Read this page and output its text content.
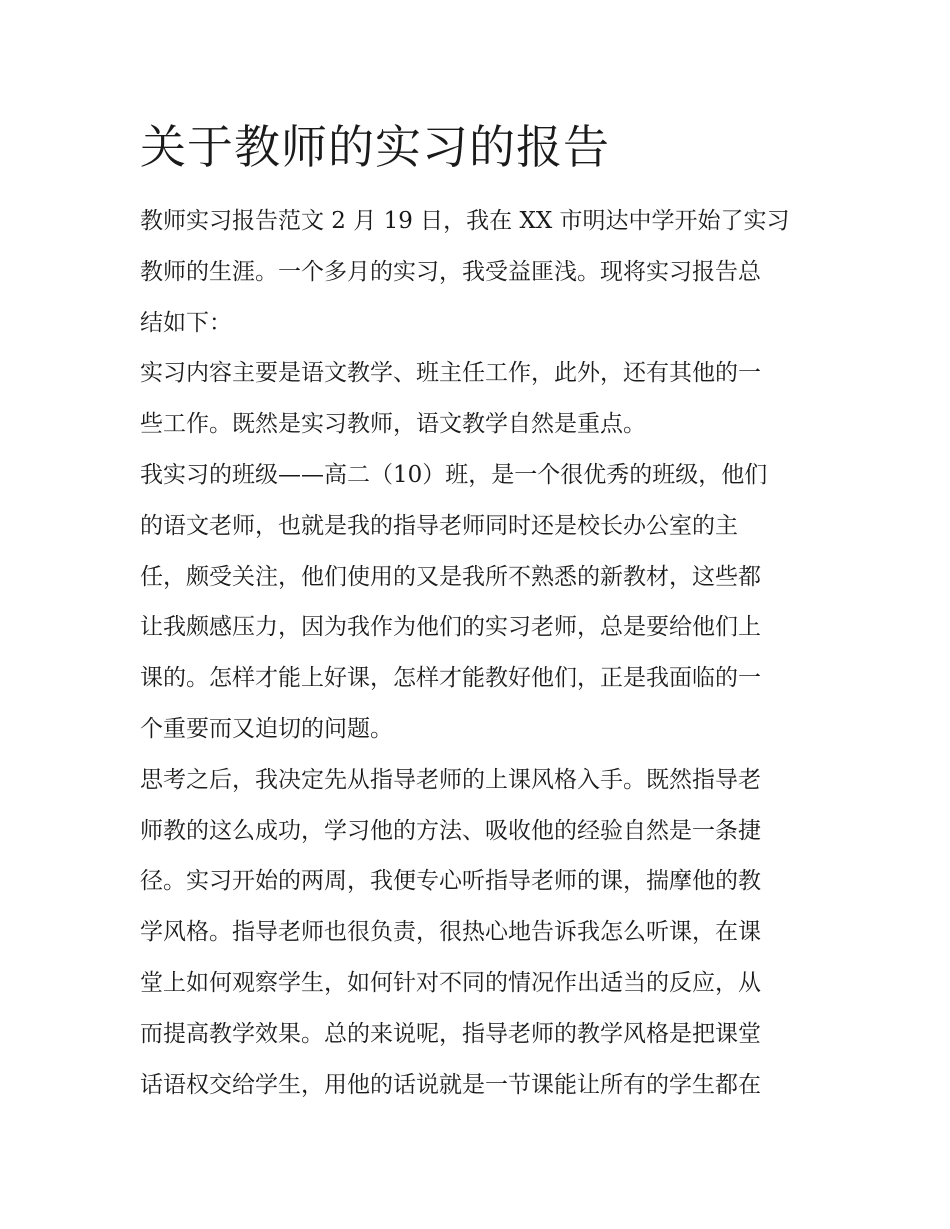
关于教师的实习的报告

教师实习报告范文 2 月 19 日，我在 XX 市明达中学开始了实习
教师的生涯。一个多月的实习，我受益匪浅。现将实习报告总
结如下：

实习内容主要是语文教学、班主任工作，此外，还有其他的一
些工作。既然是实习教师，语文教学自然是重点。

我实习的班级——高二（10）班，是一个很优秀的班级，他们
的语文老师，也就是我的指导老师同时还是校长办公室的主
任，颇受关注，他们使用的又是我所不熟悉的新教材，这些都
让我颇感压力，因为我作为他们的实习老师，总是要给他们上
课的。怎样才能上好课，怎样才能教好他们，正是我面临的一
个重要而又迫切的问题。

思考之后，我决定先从指导老师的上课风格入手。既然指导老
师教的这么成功，学习他的方法、吸收他的经验自然是一条捷
径。实习开始的两周，我便专心听指导老师的课，揣摩他的教
学风格。指导老师也很负责，很热心地告诉我怎么听课，在课
堂上如何观察学生，如何针对不同的情况作出适当的反应，从
而提高教学效果。总的来说呢，指导老师的教学风格是把课堂
话语权交给学生，用他的话说就是一节课能让所有的学生都在
